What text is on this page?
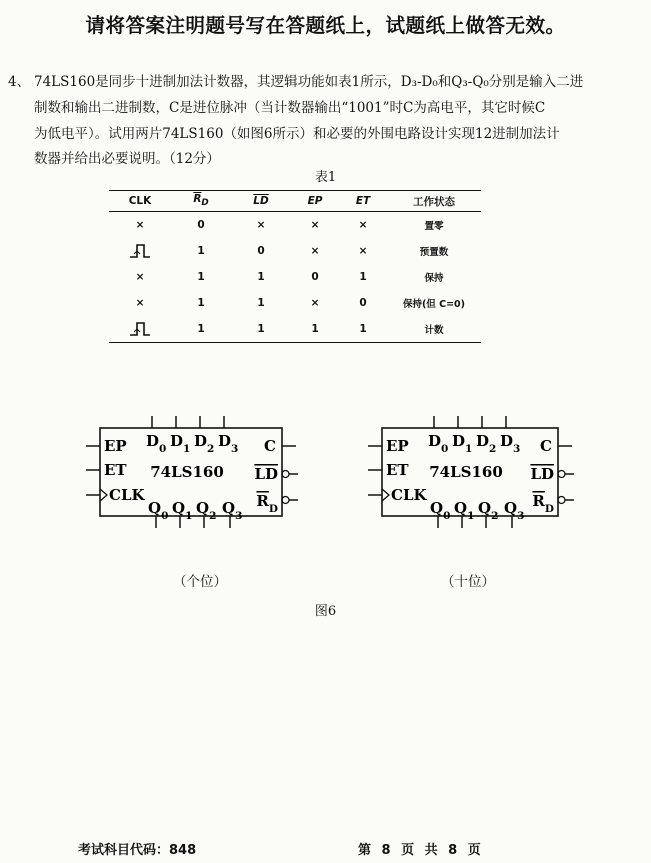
请将答案注明题号写在答题纸上，试题纸上做答无效。
4、 74LS160是同步十进制加法计数器，其逻辑功能如表1所示，D₃-D₀和Q₃-Q₀分别是输入二进
制数和输出二进制数，C是进位脉冲（当计数器输出“1001”时C为高电平，其它时候C
为低电平）。试用两片74LS160（如图6所示）和必要的外围电路设计实现12进制加法计
数器并给出必要说明。（12分）
表1
CLK	$\overline{R}_D$	$\overline{LD}$	EP	ET	工作状态
×	0	×	×	×	置零
	1	0	×	×	预置数
×	1	1	0	1	保持
×	1	1	×	0	保持(但 C=0)
	1	1	1	1	计数
EP
ET
CLK
$D_0$ $D_1$ $D_2$ $D_3$
$Q_0$ $Q_1$ $Q_2$ $Q_3$
C
LD
$R_D$
74LS160
EP
ET
CLK
$D_0$ $D_1$ $D_2$ $D_3$
$Q_0$ $Q_1$ $Q_2$ $Q_3$
C
LD
$R_D$
74LS160
（个位）	（十位）
图6
考试科目代码：848	第 8 页 共 8 页
